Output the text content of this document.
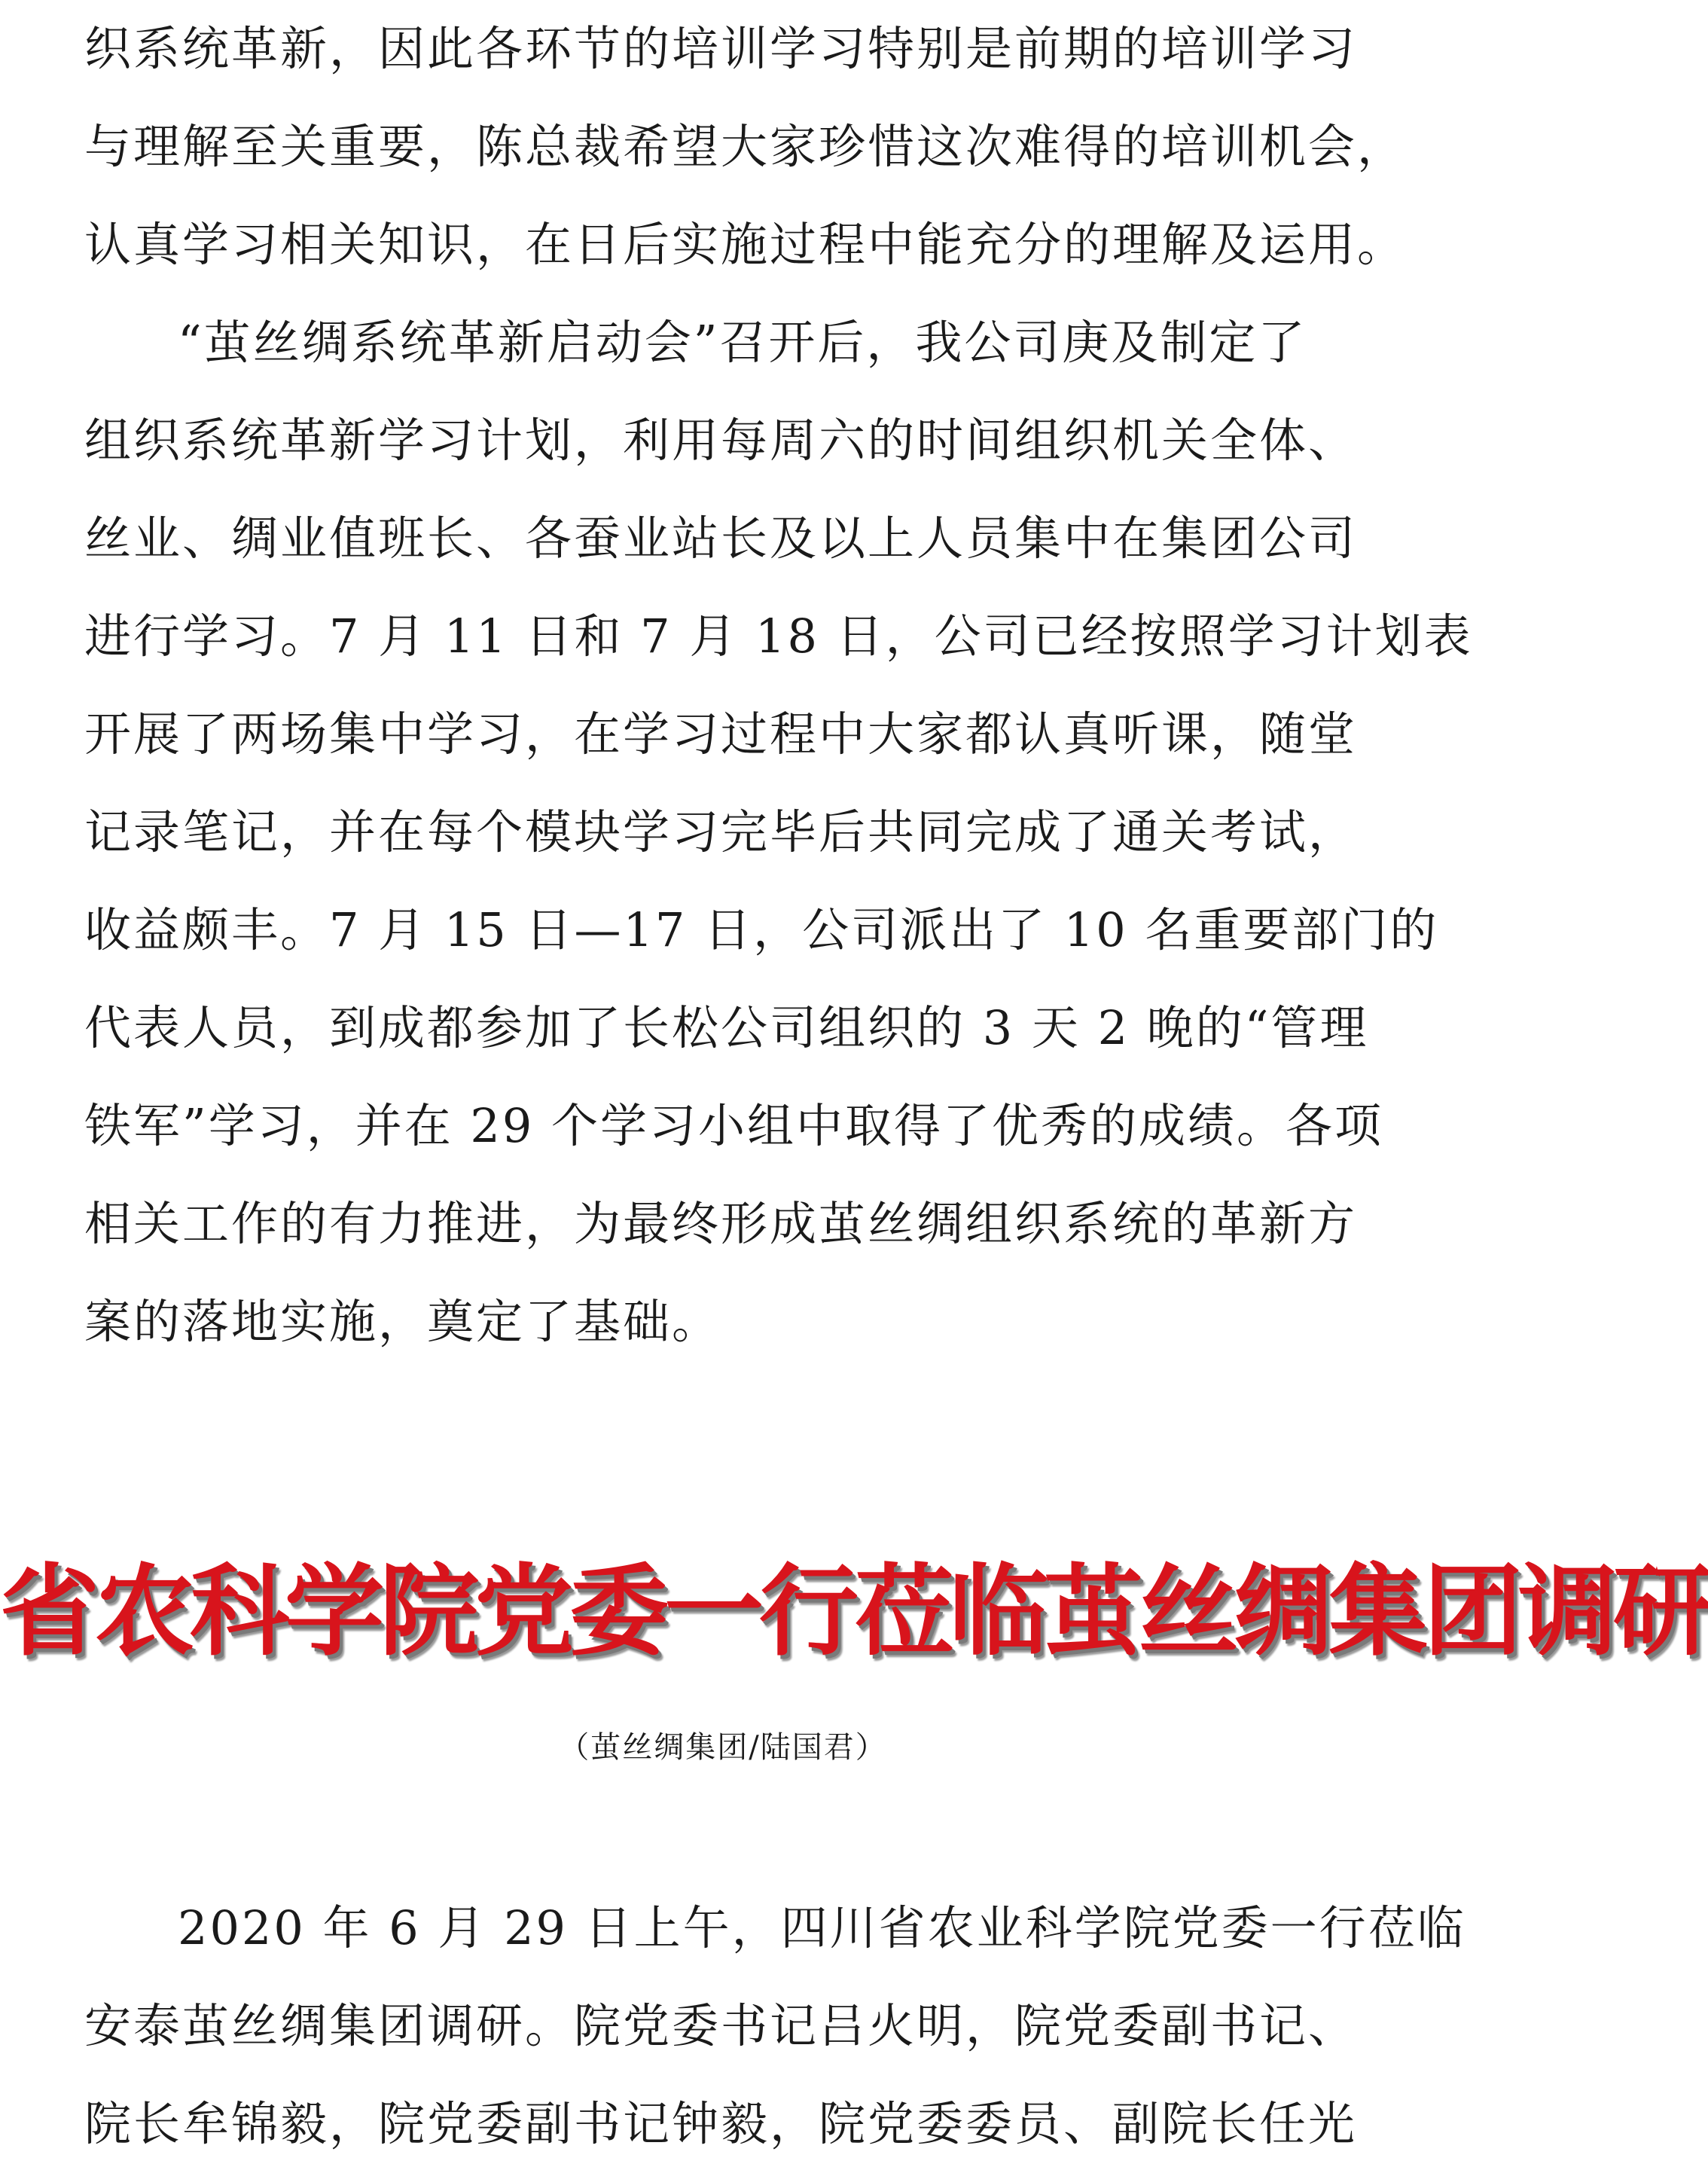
织系统革新，因此各环节的培训学习特别是前期的培训学习
与理解至关重要，陈总裁希望大家珍惜这次难得的培训机会，
认真学习相关知识，在日后实施过程中能充分的理解及运用。
“茧丝绸系统革新启动会”召开后，我公司庚及制定了
组织系统革新学习计划，利用每周六的时间组织机关全体、
丝业、绸业值班长、各蚕业站长及以上人员集中在集团公司
进行学习。7 月 11 日和 7 月 18 日，公司已经按照学习计划表
开展了两场集中学习，在学习过程中大家都认真听课，随堂
记录笔记，并在每个模块学习完毕后共同完成了通关考试，
收益颇丰。7 月 15 日—17 日，公司派出了 10 名重要部门的
代表人员，到成都参加了长松公司组织的 3 天 2 晚的“管理
铁军”学习，并在 29 个学习小组中取得了优秀的成绩。各项
相关工作的有力推进，为最终形成茧丝绸组织系统的革新方
案的落地实施，奠定了基础。
省农科学院党委一行莅临茧丝绸集团调研
（茧丝绸集团/陆国君）
2020 年 6 月 29 日上午，四川省农业科学院党委一行莅临
安泰茧丝绸集团调研。院党委书记吕火明，院党委副书记、
院长牟锦毅，院党委副书记钟毅，院党委委员、副院长任光
